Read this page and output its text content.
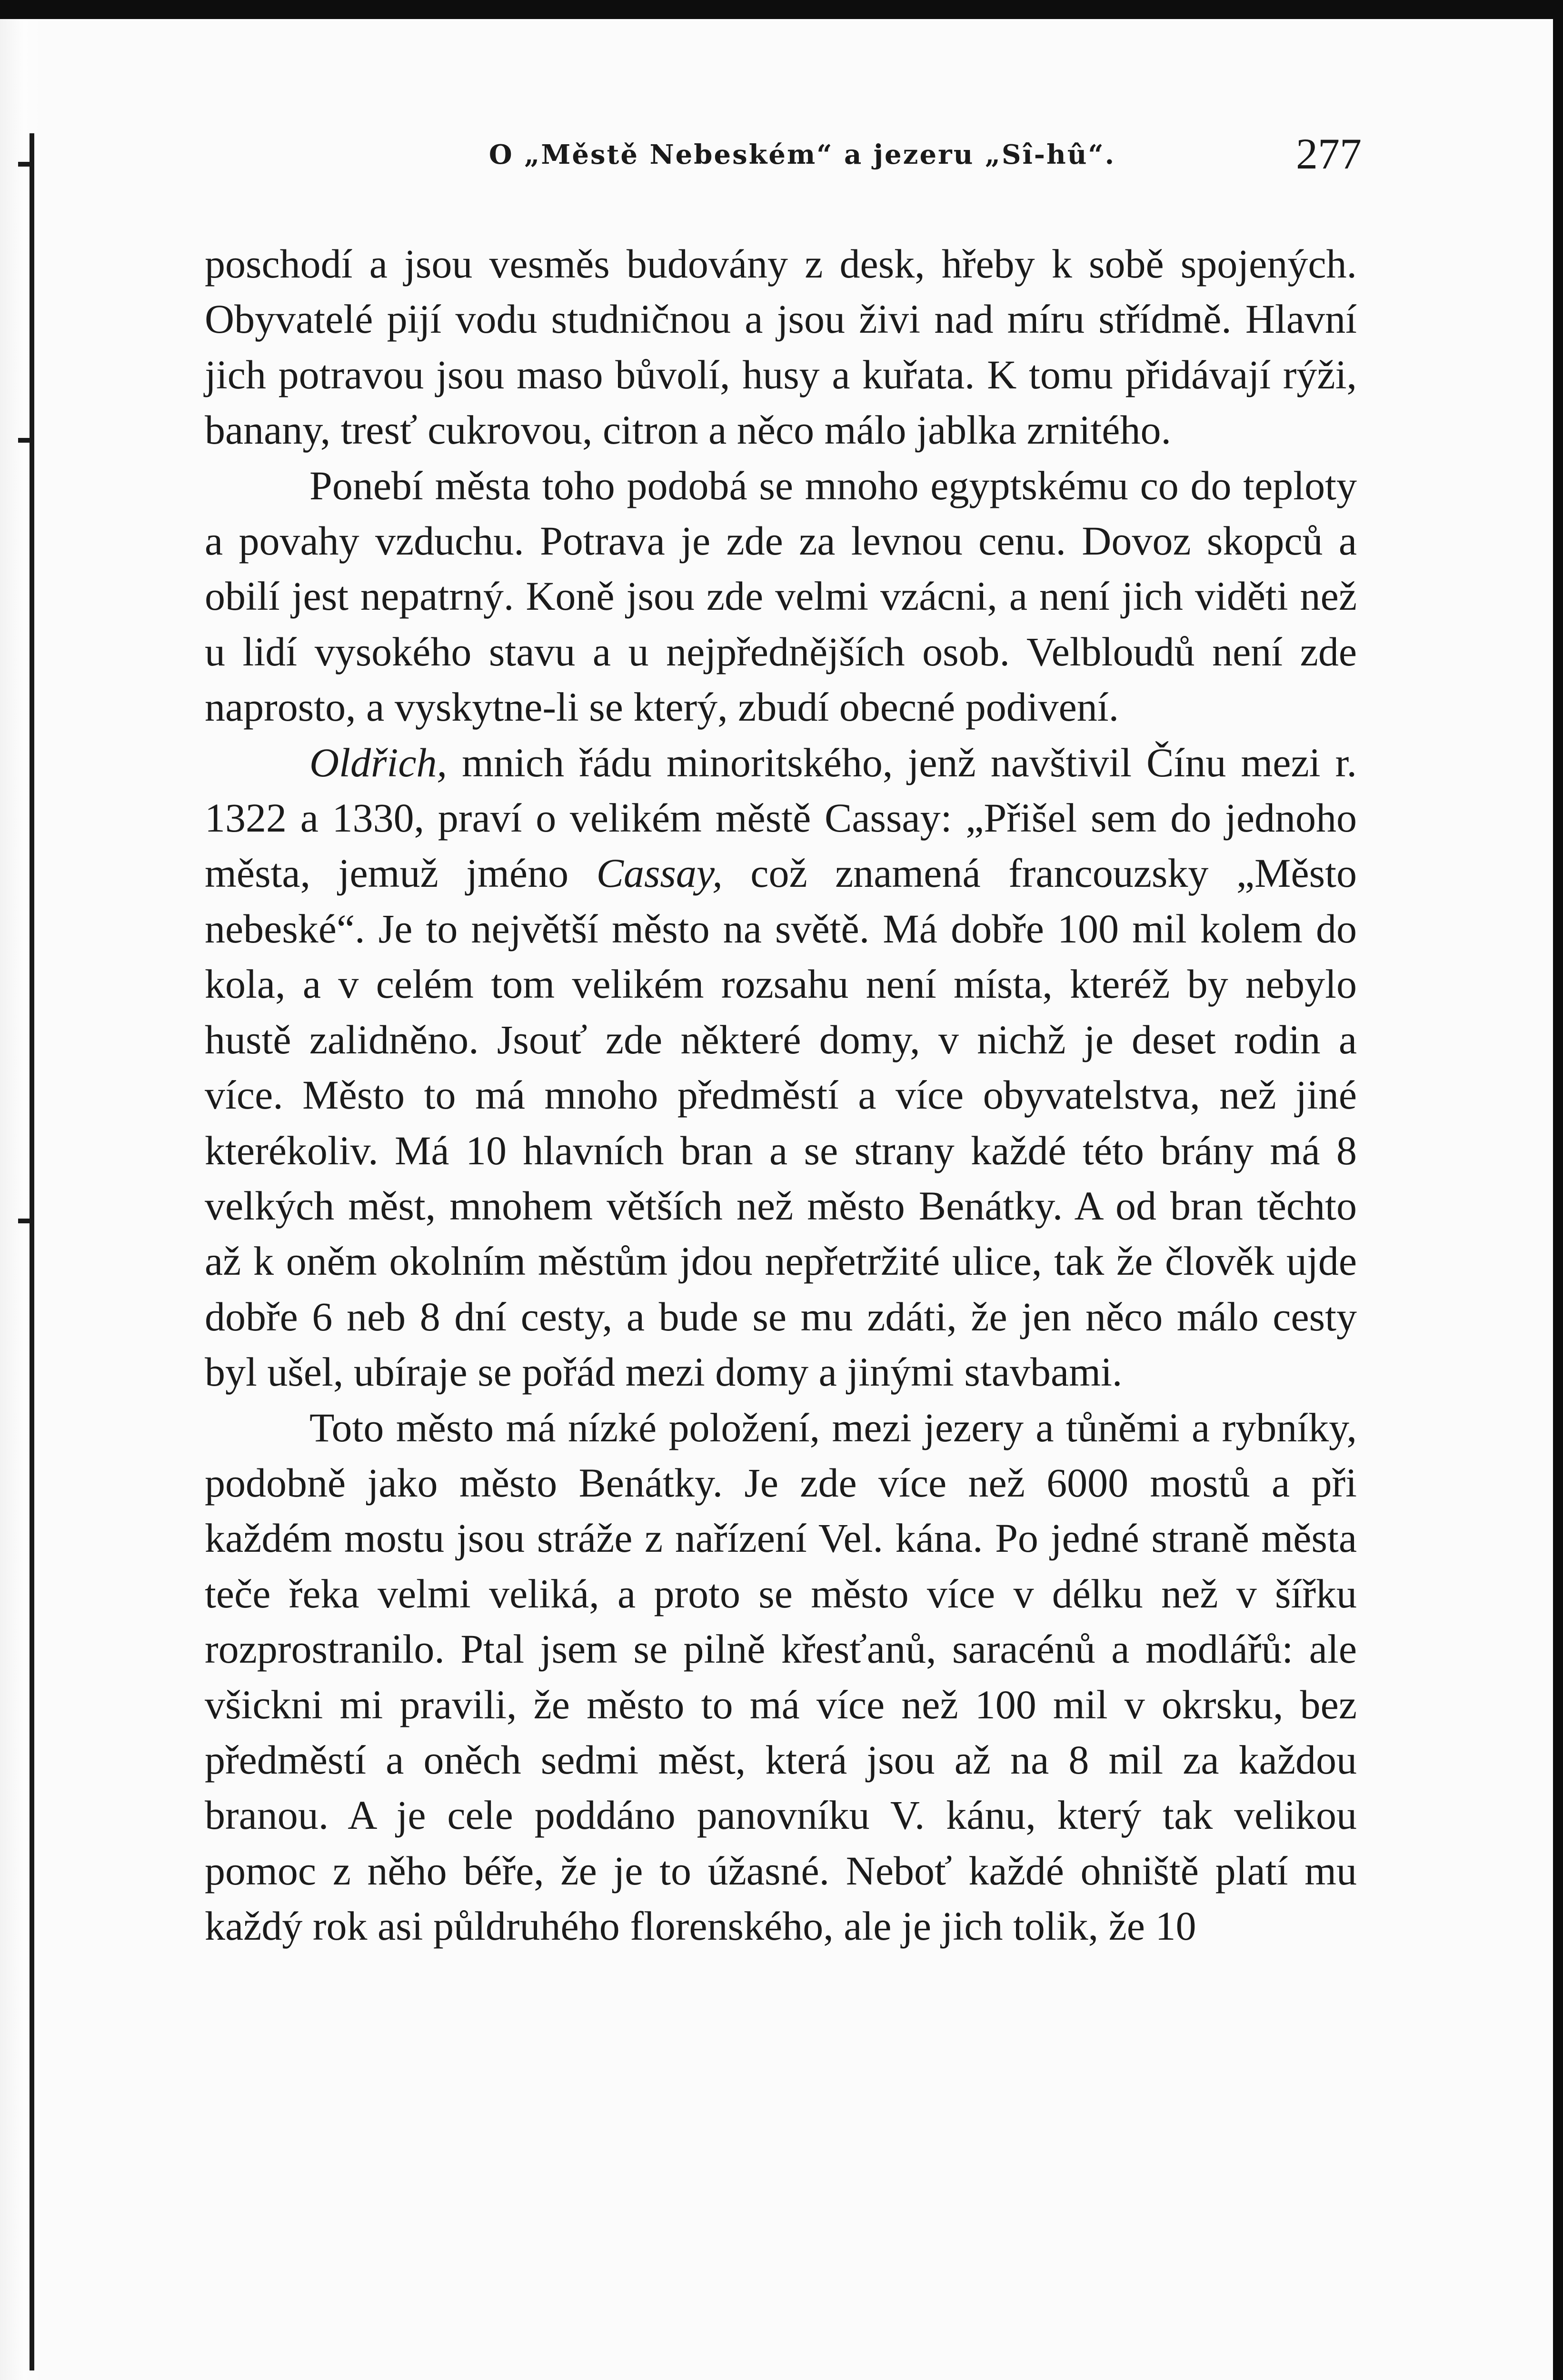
O „Městě Nebeském“ a jezeru „Sî-hû“.	277

poschodí a jsou vesměs budovány z desk, hřeby k sobě spojených. Obyvatelé pijí vodu studničnou a jsou živi nad míru střídmě. Hlavní jich potravou jsou maso bůvolí, husy a kuřata. K tomu přidávají rýži, banany, tresť cukrovou, citron a něco málo jablka zrnitého.

Ponebí města toho podobá se mnoho egyptskému co do teploty a povahy vzduchu. Potrava je zde za levnou cenu. Dovoz skopců a obilí jest nepatrný. Koně jsou zde velmi vzácni, a není jich viděti než u lidí vysokého stavu a u nejpřednějších osob. Velbloudů není zde naprosto, a vyskytne-li se který, zbudí obecné podivení.

Oldřich, mnich řádu minoritského, jenž navštivil Čínu mezi r. 1322 a 1330, praví o velikém městě Cassay: „Přišel sem do jednoho města, jemuž jméno Cassay, což znamená francouzsky „Město nebeské“. Je to největší město na světě. Má dobře 100 mil kolem do kola, a v celém tom velikém rozsahu není místa, kteréž by nebylo hustě zalidněno. Jsouť zde některé domy, v nichž je deset rodin a více. Město to má mnoho předměstí a více obyvatelstva, než jiné kterékoliv. Má 10 hlavních bran a se strany každé této brány má 8 velkých měst, mnohem větších než město Benátky. A od bran těchto až k oněm okolním městům jdou nepřetržité ulice, tak že člověk ujde dobře 6 neb 8 dní cesty, a bude se mu zdáti, že jen něco málo cesty byl ušel, ubíraje se pořád mezi domy a jinými stavbami.

Toto město má nízké položení, mezi jezery a tůněmi a rybníky, podobně jako město Benátky. Je zde více než 6000 mostů a při každém mostu jsou stráže z nařízení Vel. kána. Po jedné straně města teče řeka velmi veliká, a proto se město více v délku než v šířku rozprostranilo. Ptal jsem se pilně křesťanů, saracénů a modlářů: ale všickni mi pravili, že město to má více než 100 mil v okrsku, bez předměstí a oněch sedmi měst, která jsou až na 8 mil za každou branou. A je cele poddáno panovníku V. kánu, který tak velikou pomoc z něho béře, že je to úžasné. Neboť každé ohniště platí mu každý rok asi půldruhého florenského, ale je jich tolik, že 10
